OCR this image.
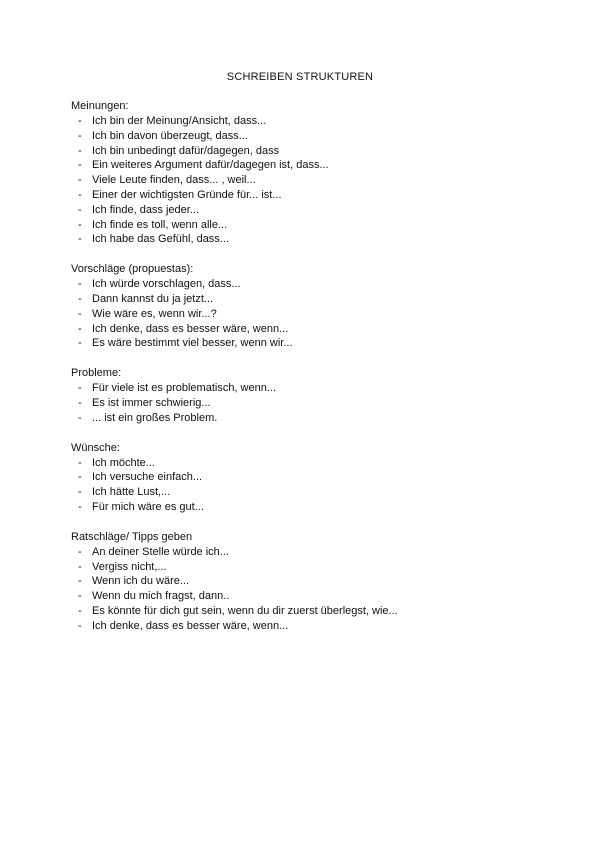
SCHREIBEN STRUKTUREN
Meinungen:
- Ich bin der Meinung/Ansicht, dass...
- Ich bin davon überzeugt, dass...
- Ich bin unbedingt dafür/dagegen, dass
- Ein weiteres Argument dafür/dagegen ist, dass...
- Viele Leute finden, dass... , weil...
- Einer der wichtigsten Gründe für... ist...
- Ich finde, dass jeder...
- Ich finde es toll, wenn alle...
- Ich habe das Gefühl, dass...
Vorschläge (propuestas):
- Ich würde vorschlagen, dass...
- Dann kannst du ja jetzt...
- Wie wäre es, wenn wir...?
- Ich denke, dass es besser wäre, wenn...
- Es wäre bestimmt viel besser, wenn wir...
Probleme:
- Für viele ist es problematisch, wenn...
- Es ist immer schwierig...
- ... ist ein großes Problem.
Wünsche:
- Ich möchte...
- Ich versuche einfach...
- Ich hätte Lust,...
- Für mich wäre es gut...
Ratschläge/ Tipps geben
- An deiner Stelle würde ich...
- Vergiss nicht,...
- Wenn ich du wäre...
- Wenn du mich fragst, dann..
- Es könnte für dich gut sein, wenn du dir zuerst überlegst, wie...
- Ich denke, dass es besser wäre, wenn...
